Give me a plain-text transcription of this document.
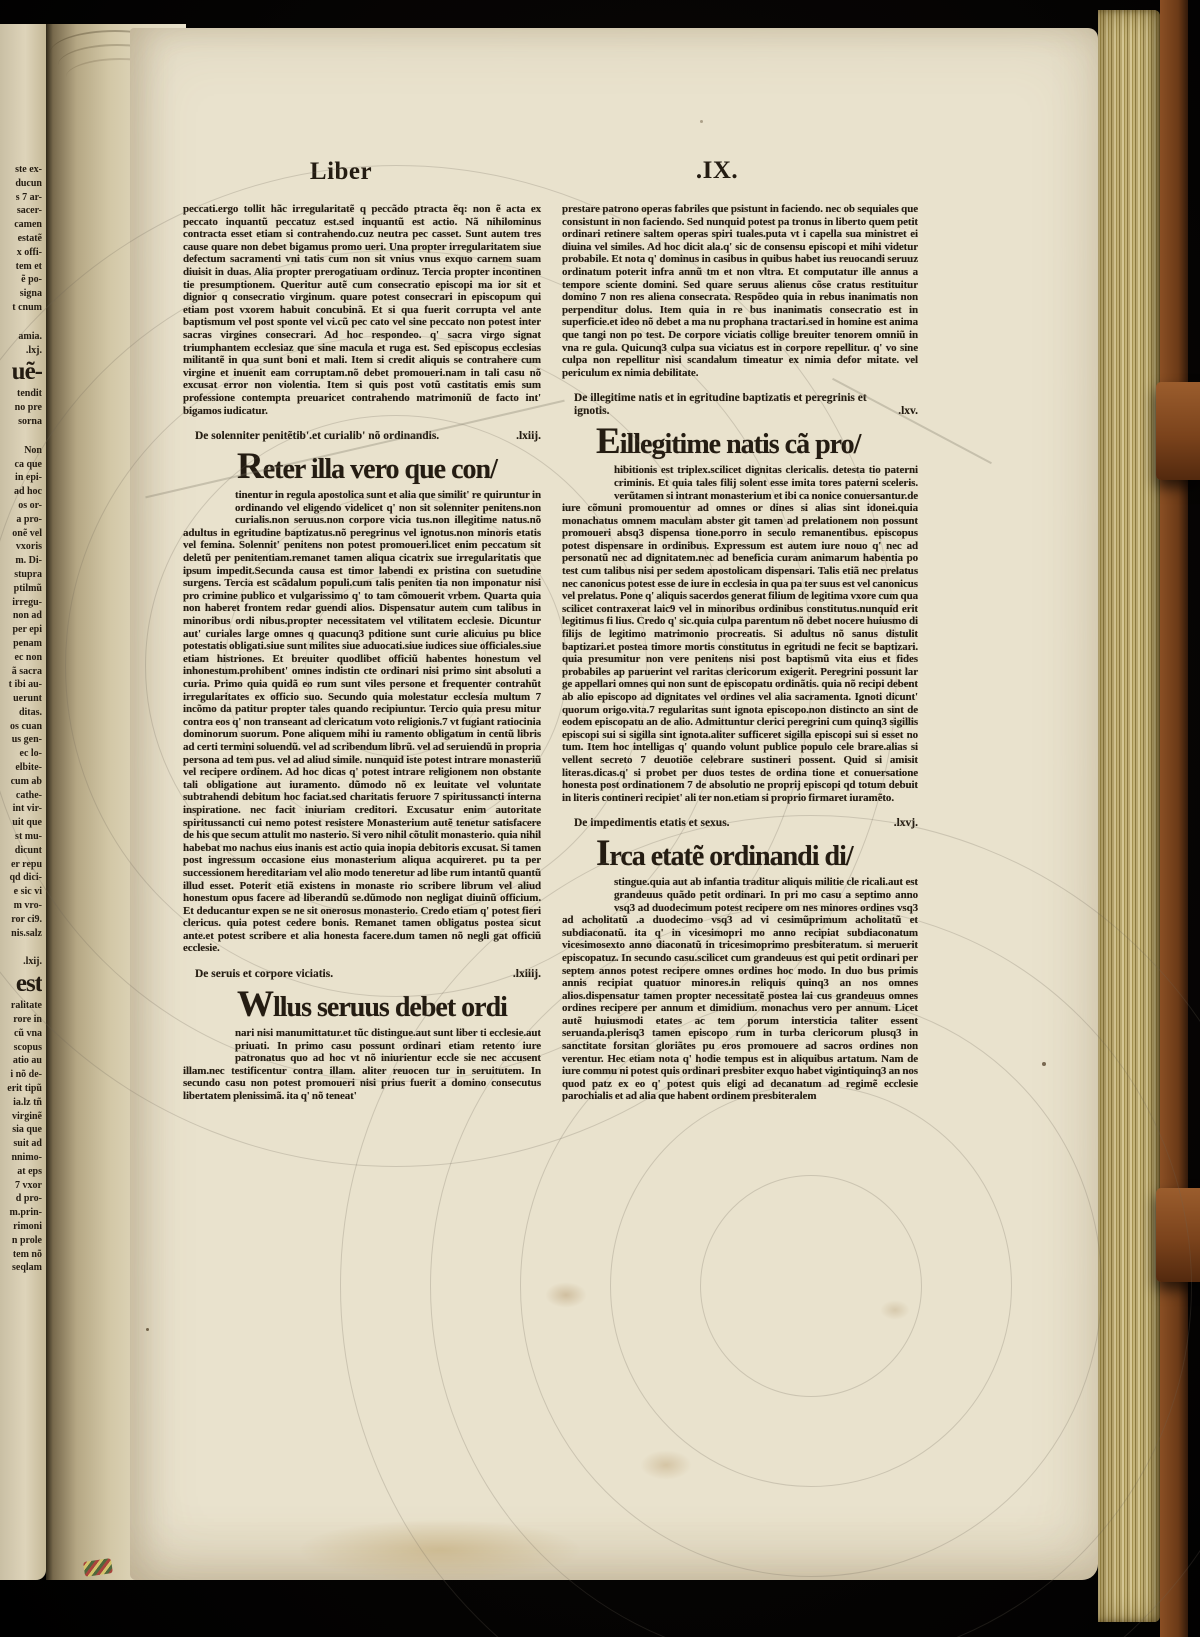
ste ex-
ducun
s 7 ar-
sacer-
camen
estatẽ
x offi-
tem et
ẽ po-
signa
t cnum
amia.
.lxj.
uẽ-
tendit
no pre
sorna
Non
ca que
in epi-
ad hoc
os or-
a pro-
onẽ vel
vxoris
m. Di-
stupra
ptilmũ
irregu-
non ad
per epi
penam
ec non
ã sacra
t ibi au-
uerunt
ditas.
os cuan
us gen-
ec lo-
elbite-
cum ab
cathe-
int vir-
uit que
st mu-
dicunt
er repu
qd dici-
e sic vi
m vro-
ror ci9.
nis.salz
.lxij.
est
ralitate
rore in
cũ vna
scopus
atio au
i nõ de-
erit tipũ
ia.lz tñ
virginẽ
sia que
suit ad
nnimo-
at eps
7 vxor
d pro-
m.prin-
rimoni
n prole
tem nõ
seqlam
Liber	.IX.

peccati.ergo tollit hãc irregularitatẽ q peccãdo ptracta ẽq: non ẽ acta ex peccato inquantũ peccatuz est.sed inquantũ est actio. Nã nihilominus contracta esset etiam si contrahendo.cuz neutra pec casset. Sunt autem tres cause quare non debet bigamus promo ueri. Una propter irregularitatem siue defectum sacramenti vni tatis cum non sit vnius vnus exquo carnem suam diuisit in duas. Alia propter prerogatiuam ordinuz. Tercia propter incontinen tie presumptionem. Queritur autẽ cum consecratio episcopi ma ior sit et dignior q consecratio virginum. quare potest consecrari in episcopum qui etiam post vxorem habuit concubinã. Et si qua fuerit corrupta vel ante baptismum vel post sponte vel vi.cũ pec cato vel sine peccato non potest inter sacras virgines consecrari. Ad hoc respondeo. q' sacra virgo signat triumphantem ecclesiaz que sine macula et ruga est. Sed episcopus ecclesias militantẽ in qua sunt boni et mali. Item si credit aliquis se contrahere cum virgine et inuenit eam corruptam.nõ debet promoueri.nam in tali casu nõ excusat error non violentia. Item si quis post votũ castitatis emis sum professione contempta preuaricet contrahendo matrimoniũ de facto int' bigamos iudicatur.

De solenniter penitẽtib'.et curialib' nõ ordinandis.	.lxiij.
Reter illa vero que con/

tinentur in regula apostolica sunt et alia que similit' re quiruntur in ordinando vel eligendo videlicet q' non sit solenniter penitens.non curialis.non seruus.non corpore vicia tus.non illegitime natus.nõ adultus in egritudine baptizatus.nõ peregrinus vel ignotus.non minoris etatis vel femina. Solennit' penitens non potest promoueri.licet enim peccatum sit deletũ per penitentiam.remanet tamen aliqua cicatrix sue irregularitatis que ipsum impedit.Secunda causa est timor labendi ex pristina con suetudine surgens. Tercia est scãdalum populi.cum talis peniten tia non imponatur nisi pro crimine publico et vulgarissimo q' to tam cõmouerit vrbem. Quarta quia non haberet frontem redar guendi alios. Dispensatur autem cum talibus in minoribus ordi nibus.propter necessitatem vel vtilitatem ecclesie. Dicuntur aut' curiales large omnes q quacunq3 pditione sunt curie alicuius pu blice potestatis obligati.siue sunt milites siue aduocati.siue iudices siue officiales.siue etiam histriones. Et breuiter quodlibet officiũ habentes honestum vel inhonestum.prohibent' omnes indistin cte ordinari nisi primo sint absoluti a curia. Primo quia quidã eo rum sunt viles persone et frequenter contrahũt irregularitates ex officio suo. Secundo quia molestatur ecclesia multum 7 incõmo da patitur propter tales quando recipiuntur. Tercio quia presu mitur contra eos q' non transeant ad clericatum voto religionis.7 vt fugiant ratiocinia dominorum suorum. Pone aliquem mihi iu ramento obligatum in centũ libris ad certi termini soluendũ. vel ad scribendum librũ. vel ad seruiendũ in propria persona ad tem pus. vel ad aliud simile. nunquid iste potest intrare monasteriũ vel recipere ordinem. Ad hoc dicas q' potest intrare religionem non obstante tali obligatione aut iuramento. dũmodo nõ ex leuitate vel voluntate subtrahendi debitum hoc faciat.sed charitatis feruore 7 spiritussancti interna inspiratione. nec facit iniuriam creditori. Excusatur enim autoritate spiritussancti cui nemo potest resistere Monasterium autẽ tenetur satisfacere de his que secum attulit mo nasterio. Si vero nihil cõtulit monasterio. quia nihil habebat mo nachus eius inanis est actio quia inopia debitoris excusat. Si tamen post ingressum occasione eius monasterium aliqua acquireret. pu ta per successionem hereditariam vel alio modo teneretur ad libe rum intantũ quantũ illud esset. Poterit etiã existens in monaste rio scribere librum vel aliud honestum opus facere ad liberandũ se.dũmodo non negligat diuinũ officium. Et deducantur expen se ne sit onerosus monasterio. Credo etiam q' potest fieri clericus. quia potest cedere bonis. Remanet tamen obligatus postea sicut ante.et potest scribere et alia honesta facere.dum tamen nõ negli gat officiũ ecclesie.

De seruis et corpore viciatis.	.lxiiij.
Wllus seruus debet ordi

nari nisi manumittatur.et tũc distingue.aut sunt liber ti ecclesie.aut priuati. In primo casu possunt ordinari etiam retento iure patronatus quo ad hoc vt nõ iniurientur eccle sie nec accusent illam.nec testificentur contra illam. aliter reuocen tur in seruitutem. In secundo casu non potest promoueri nisi prius fuerit a domino consecutus libertatem plenissimã. ita q' nõ teneat'

prestare patrono operas fabriles que psistunt in faciendo. nec ob sequiales que consistunt in non faciendo. Sed nunquid potest pa tronus in liberto quem petit ordinari retinere saltem operas spiri tuales.puta vt i capella sua ministret ei diuina vel similes. Ad hoc dicit ala.q' sic de consensu episcopi et mihi videtur probabile. Et nota q' dominus in casibus in quibus habet ius reuocandi seruuz ordinatum poterit infra annũ tm et non vltra. Et computatur ille annus a tempore sciente domini. Sed quare seruus alienus cõse cratus restituitur domino 7 non res aliena consecrata. Respõdeo quia in rebus inanimatis non perpenditur dolus. Item quia in re bus inanimatis consecratio est in superficie.et ideo nõ debet a ma nu prophana tractari.sed in homine est anima que tangi non po test. De corpore viciatis collige breuiter tenorem omniũ in vna re gula. Quicunq3 culpa sua viciatus est in corpore repellitur. q' vo sine culpa non repellitur nisi scandalum timeatur ex nimia defor mitate. vel periculum ex nimia debilitate.

De illegitime natis et in egritudine baptizatis et peregrinis et ignotis.	.lxv.
Eillegitime natis cã pro/

hibitionis est triplex.scilicet dignitas clericalis. detesta tio paterni criminis. Et quia tales filij solent esse imita tores paterni sceleris. verũtamen si intrant monasterium et ibi ca nonice conuersantur.de iure cõmuni promouentur ad omnes or dines si alias sint idonei.quia monachatus omnem maculam abster git tamen ad prelationem non possunt promoueri absq3 dispensa tione.porro in seculo remanentibus. episcopus potest dispensare in ordinibus. Expressum est autem iure nouo q' nec ad personatũ nec ad dignitatem.nec ad beneficia curam animarum habentia po test cum talibus nisi per sedem apostolicam dispensari. Talis etiã nec prelatus nec canonicus potest esse de iure in ecclesia in qua pa ter suus est vel canonicus vel prelatus. Pone q' aliquis sacerdos generat filium de legitima vxore cum qua scilicet contraxerat laic9 vel in minoribus ordinibus constitutus.nunquid erit legitimus fi lius. Credo q' sic.quia culpa parentum nõ debet nocere huiusmo di filijs de legitimo matrimonio procreatis. Si adultus nõ sanus distulit baptizari.et postea timore mortis constitutus in egritudi ne fecit se baptizari. quia presumitur non vere penitens nisi post baptismũ vita eius et fides probabiles ap paruerint vel raritas clericorum exigerit. Peregrini possunt lar ge appellari omnes qui non sunt de episcopatu ordinãtis. quia nõ recipi debent ab alio episcopo ad dignitates vel ordines vel alia sacramenta. Ignoti dicunt' quorum origo.vita.7 regularitas sunt ignota episcopo.non distincto an sint de eodem episcopatu an de alio. Admittuntur clerici peregrini cum quinq3 sigillis episcopi sui si sigilla sint ignota.aliter sufficeret sigilla episcopi sui si esset no tum. Item hoc intelligas q' quando volunt publice populo cele brare.alias si vellent secreto 7 deuotiõe celebrare sustineri possent. Quid si amisit literas.dicas.q' si probet per duos testes de ordina tione et conuersatione honesta post ordinationem 7 de absolutio ne proprij episcopi qd totum debuit in literis contineri recipiet' ali ter non.etiam si proprio firmaret iuramẽto.

De impedimentis etatis et sexus.	.lxvj.
Irca etatẽ ordinandi di/

stingue.quia aut ab infantia traditur aliquis militie cle ricali.aut est grandeuus quãdo petit ordinari. In pri mo casu a septimo anno vsq3 ad duodecimum potest recipere om nes minores ordines vsq3 ad acholitatũ .a duodecimo vsq3 ad vi cesimũprimum acholitatũ et subdiaconatũ. ita q' in vicesimopri mo anno recipiat subdiaconatum vicesimosexto anno diaconatũ in tricesimoprimo presbiteratum. si meruerit episcopatuz. In secundo casu.scilicet cum grandeuus est qui petit ordinari per septem annos potest recipere omnes ordines hoc modo. In duo bus primis annis recipiat quatuor minores.in reliquis quinq3 an nos omnes alios.dispensatur tamen propter necessitatẽ postea lai cus grandeuus omnes ordines recipere per annum et dimidium. monachus vero per annum. Licet autẽ huiusmodi etates ac tem porum intersticia taliter essent seruanda.plerisq3 tamen episcopo rum in turba clericorum plusq3 in sanctitate forsitan gloriãtes pu eros promouere ad sacros ordines non verentur. Hec etiam nota q' hodie tempus est in aliquibus artatum. Nam de iure commu ni potest quis ordinari presbiter exquo habet vigintiquinq3 an nos quod patz ex eo q' potest quis eligi ad decanatum ad regimẽ ecclesie parochialis et ad alia que habent ordinem presbiteralem
